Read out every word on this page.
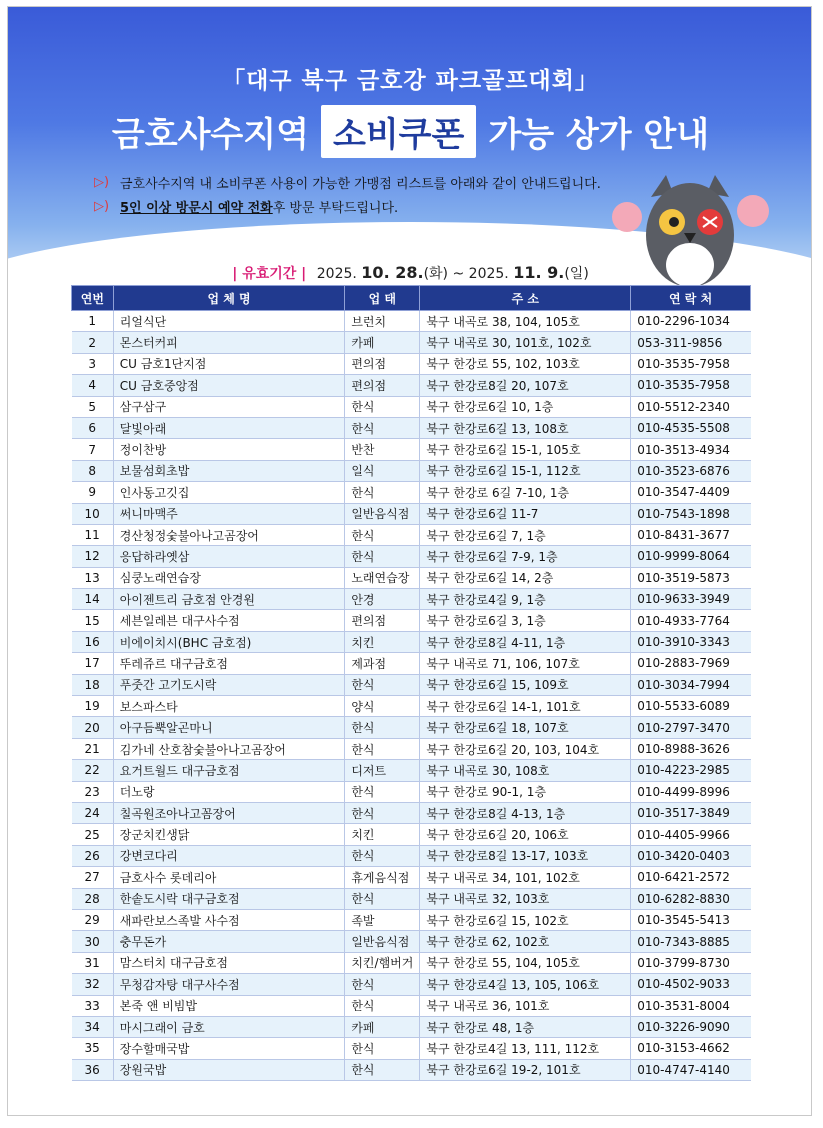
「대구 북구 금호강 파크골프대회」
금호사수지역 소비쿠폰 가능 상가 안내
▷) 금호사수지역 내 소비쿠폰 사용이 가능한 가맹점 리스트를 아래와 같이 안내드립니다.
▷) 5인 이상 방문시 예약 전화 후 방문 부탁드립니다.
| 유효기간 | 2025. 10. 28.(화) ~ 2025. 11. 9.(일)
연번	업 체 명	업 태	주 소	연 락 처
1	리얼식단	브런치	북구 내곡로 38, 104, 105호	010-2296-1034
2	몬스터커피	카페	북구 내곡로 30, 101호, 102호	053-311-9856
3	CU 금호1단지점	편의점	북구 한강로 55, 102, 103호	010-3535-7958
4	CU 금호중앙점	편의점	북구 한강로8길 20, 107호	010-3535-7958
5	삼구삼구	한식	북구 한강로6길 10, 1층	010-5512-2340
6	달빛아래	한식	북구 한강로6길 13, 108호	010-4535-5508
7	정이찬방	반찬	북구 한강로6길 15-1, 105호	010-3513-4934
8	보물섬회초밥	일식	북구 한강로6길 15-1, 112호	010-3523-6876
9	인사동고깃집	한식	북구 한강로 6길 7-10, 1층	010-3547-4409
10	써니마맥주	일반음식점	북구 한강로6길 11-7	010-7543-1898
11	경산청정숯불아나고곰장어	한식	북구 한강로6길 7, 1층	010-8431-3677
12	응답하라옛삼	한식	북구 한강로6길 7-9, 1층	010-9999-8064
13	심쿵노래연습장	노래연습장	북구 한강로6길 14, 2층	010-3519-5873
14	아이젠트리 금호점 안경원	안경	북구 한강로4길 9, 1층	010-9633-3949
15	세븐일레븐 대구사수점	편의점	북구 한강로6길 3, 1층	010-4933-7764
16	비에이치시(BHC 금호점)	치킨	북구 한강로8길 4-11, 1층	010-3910-3343
17	뚜레쥬르 대구금호점	제과점	북구 내곡로 71, 106, 107호	010-2883-7969
18	푸줏간 고기도시락	한식	북구 한강로6길 15, 109호	010-3034-7994
19	보스파스타	양식	북구 한강로6길 14-1, 101호	010-5533-6089
20	아구듬뿍알곤마니	한식	북구 한강로6길 18, 107호	010-2797-3470
21	김가네 산호참숯불아나고곰장어	한식	북구 한강로6길 20, 103, 104호	010-8988-3626
22	요거트월드 대구금호점	디저트	북구 내곡로 30, 108호	010-4223-2985
23	더노랑	한식	북구 한강로 90-1, 1층	010-4499-8996
24	칠곡원조아나고꼼장어	한식	북구 한강로8길 4-13, 1층	010-3517-3849
25	장군치킨생닭	치킨	북구 한강로6길 20, 106호	010-4405-9966
26	강변코다리	한식	북구 한강로8길 13-17, 103호	010-3420-0403
27	금호사수 롯데리아	휴게음식점	북구 내곡로 34, 101, 102호	010-6421-2572
28	한솥도시락 대구금호점	한식	북구 내곡로 32, 103호	010-6282-8830
29	새파란보스족발 사수점	족발	북구 한강로6길 15, 102호	010-3545-5413
30	충무돈가	일반음식점	북구 한강로 62, 102호	010-7343-8885
31	맘스터치 대구금호점	치킨/햄버거	북구 한강로 55, 104, 105호	010-3799-8730
32	무청감자탕 대구사수점	한식	북구 한강로4길 13, 105, 106호	010-4502-9033
33	본죽 앤 비빔밥	한식	북구 내곡로 36, 101호	010-3531-8004
34	마시그래이 금호	카페	북구 한강로 48, 1층	010-3226-9090
35	장수할매국밥	한식	북구 한강로4길 13, 111, 112호	010-3153-4662
36	장원국밥	한식	북구 한강로6길 19-2, 101호	010-4747-4140
